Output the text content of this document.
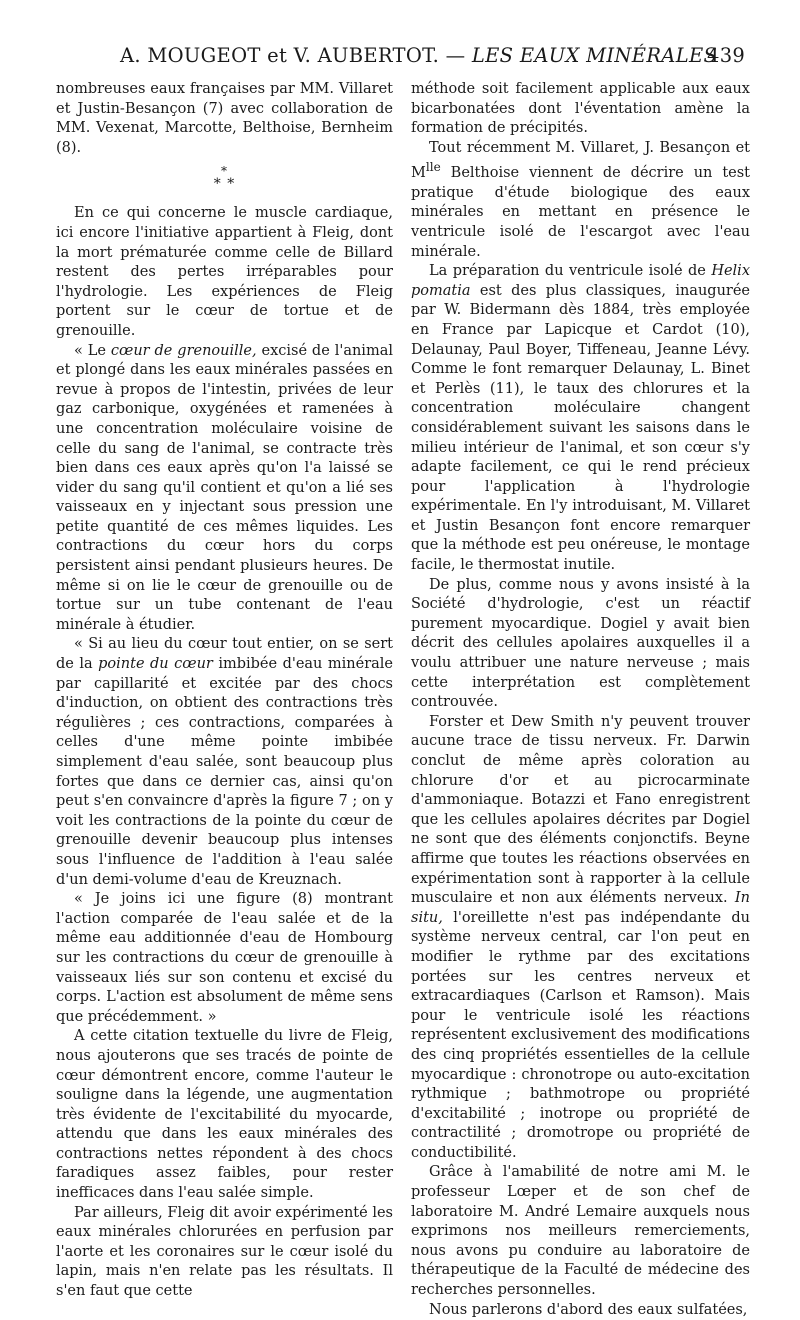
A. MOUGEOT et V. AUBERTOT. — LES EAUX MINÉRALES
439

nombreuses eaux françaises par MM. Villaret et Justin-Besançon (7) avec collaboration de MM. Vexenat, Marcotte, Belthoise, Bernheim (8).

*
* *

En ce qui concerne le muscle cardiaque, ici encore l'initiative appartient à Fleig, dont la mort prématurée comme celle de Billard restent des pertes irréparables pour l'hydrologie. Les expériences de Fleig portent sur le cœur de tortue et de grenouille.

« Le cœur de grenouille, excisé de l'animal et plongé dans les eaux minérales passées en revue à propos de l'intestin, privées de leur gaz carbonique, oxygénées et ramenées à une concentration moléculaire voisine de celle du sang de l'animal, se contracte très bien dans ces eaux après qu'on l'a laissé se vider du sang qu'il contient et qu'on a lié ses vaisseaux en y injectant sous pression une petite quantité de ces mêmes liquides. Les contractions du cœur hors du corps persistent ainsi pendant plusieurs heures. De même si on lie le cœur de grenouille ou de tortue sur un tube contenant de l'eau minérale à étudier.

« Si au lieu du cœur tout entier, on se sert de la pointe du cœur imbibée d'eau minérale par capillarité et excitée par des chocs d'induction, on obtient des contractions très régulières ; ces contractions, comparées à celles d'une même pointe imbibée simplement d'eau salée, sont beaucoup plus fortes que dans ce dernier cas, ainsi qu'on peut s'en convaincre d'après la figure 7 ; on y voit les contractions de la pointe du cœur de grenouille devenir beaucoup plus intenses sous l'influence de l'addition à l'eau salée d'un demi-volume d'eau de Kreuznach.

« Je joins ici une figure (8) montrant l'action comparée de l'eau salée et de la même eau additionnée d'eau de Hombourg sur les contractions du cœur de grenouille à vaisseaux liés sur son contenu et excisé du corps. L'action est absolument de même sens que précédemment. »

A cette citation textuelle du livre de Fleig, nous ajouterons que ses tracés de pointe de cœur démontrent encore, comme l'auteur le souligne dans la légende, une augmentation très évidente de l'excitabilité du myocarde, attendu que dans les eaux minérales des contractions nettes répondent à des chocs faradiques assez faibles, pour rester inefficaces dans l'eau salée simple.

Par ailleurs, Fleig dit avoir expérimenté les eaux minérales chlorurées en perfusion par l'aorte et les coronaires sur le cœur isolé du lapin, mais n'en relate pas les résultats. Il s'en faut que cette

méthode soit facilement applicable aux eaux bicarbonatées dont l'éventation amène la formation de précipités.

Tout récemment M. Villaret, J. Besançon et $M^{lle}$ Belthoise viennent de décrire un test pratique d'étude biologique des eaux minérales en mettant en présence le ventricule isolé de l'escargot avec l'eau minérale.

La préparation du ventricule isolé de Helix pomatia est des plus classiques, inaugurée par W. Bidermann dès 1884, très employée en France par Lapicque et Cardot (10), Delaunay, Paul Boyer, Tiffeneau, Jeanne Lévy. Comme le font remarquer Delaunay, L. Binet et Perlès (11), le taux des chlorures et la concentration moléculaire changent considérablement suivant les saisons dans le milieu intérieur de l'animal, et son cœur s'y adapte facilement, ce qui le rend précieux pour l'application à l'hydrologie expérimentale. En l'y introduisant, M. Villaret et Justin Besançon font encore remarquer que la méthode est peu onéreuse, le montage facile, le thermostat inutile.

De plus, comme nous y avons insisté à la Société d'hydrologie, c'est un réactif purement myocardique. Dogiel y avait bien décrit des cellules apolaires auxquelles il a voulu attribuer une nature nerveuse ; mais cette interprétation est complètement controuvée.

Forster et Dew Smith n'y peuvent trouver aucune trace de tissu nerveux. Fr. Darwin conclut de même après coloration au chlorure d'or et au picrocarminate d'ammoniaque. Botazzi et Fano enregistrent que les cellules apolaires décrites par Dogiel ne sont que des éléments conjonctifs. Beyne affirme que toutes les réactions observées en expérimentation sont à rapporter à la cellule musculaire et non aux éléments nerveux. In situ, l'oreillette n'est pas indépendante du système nerveux central, car l'on peut en modifier le rythme par des excitations portées sur les centres nerveux et extracardiaques (Carlson et Ramson). Mais pour le ventricule isolé les réactions représentent exclusivement des modifications des cinq propriétés essentielles de la cellule myocardique : chronotrope ou auto-excitation rythmique ; bathmotrope ou propriété d'excitabilité ; inotrope ou propriété de contractilité ; dromotrope ou propriété de conductibilité.

Grâce à l'amabilité de notre ami M. le professeur Lœper et de son chef de laboratoire M. André Lemaire auxquels nous exprimons nos meilleurs remerciements, nous avons pu conduire au laboratoire de thérapeutique de la Faculté de médecine des recherches personnelles.

Nous parlerons d'abord des eaux sulfatées,
